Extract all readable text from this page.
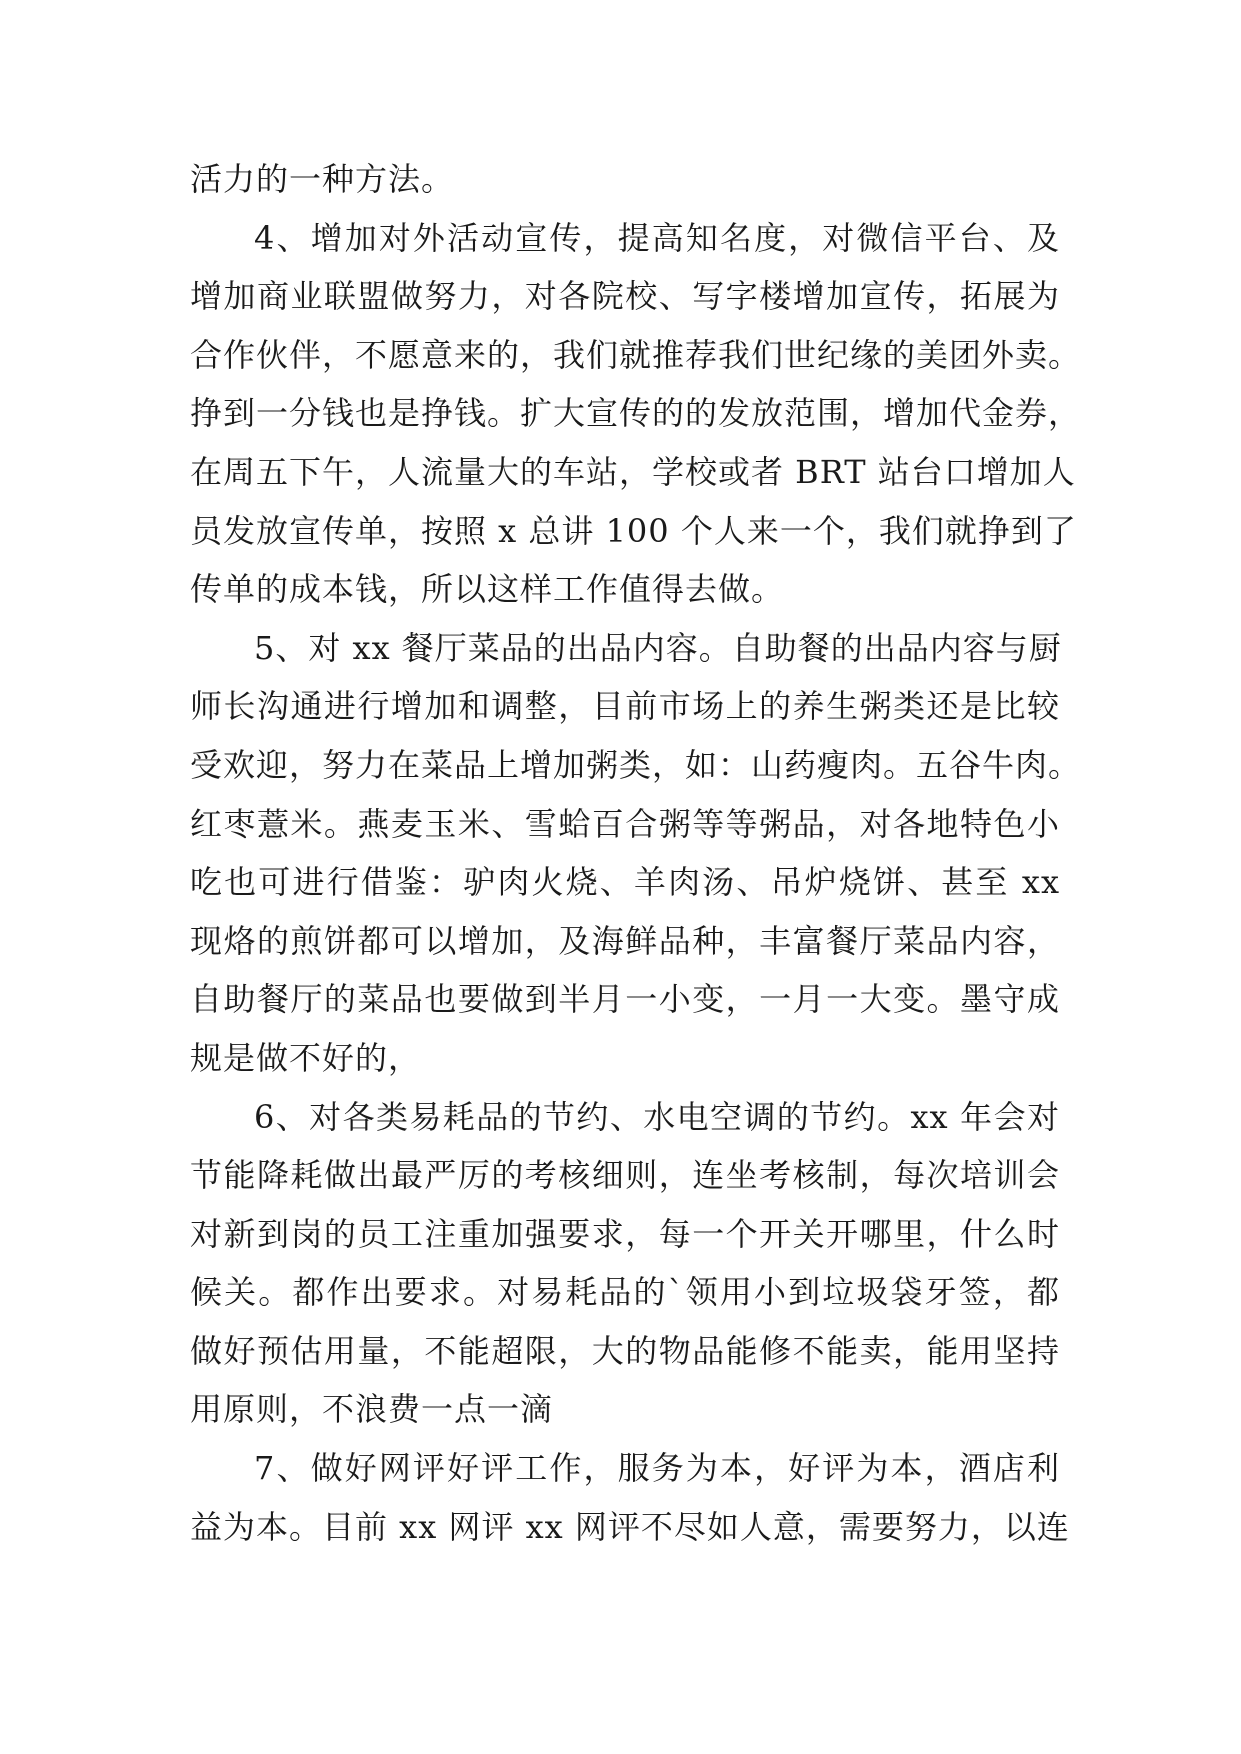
活力的一种方法。

4、增加对外活动宣传，提高知名度，对微信平台、及
增加商业联盟做努力，对各院校、写字楼增加宣传，拓展为
合作伙伴，不愿意来的，我们就推荐我们世纪缘的美团外卖。
挣到一分钱也是挣钱。扩大宣传的的发放范围，增加代金券，
在周五下午，人流量大的车站，学校或者 BRT 站台口增加人
员发放宣传单，按照 x 总讲 100 个人来一个，我们就挣到了
传单的成本钱，所以这样工作值得去做。

5、对 xx 餐厅菜品的出品内容。自助餐的出品内容与厨
师长沟通进行增加和调整，目前市场上的养生粥类还是比较
受欢迎，努力在菜品上增加粥类，如：山药瘦肉。五谷牛肉。
红枣薏米。燕麦玉米、雪蛤百合粥等等粥品，对各地特色小
吃也可进行借鉴：驴肉火烧、羊肉汤、吊炉烧饼、甚至 xx
现烙的煎饼都可以增加，及海鲜品种，丰富餐厅菜品内容，
自助餐厅的菜品也要做到半月一小变，一月一大变。墨守成
规是做不好的，

6、对各类易耗品的节约、水电空调的节约。xx 年会对
节能降耗做出最严厉的考核细则，连坐考核制，每次培训会
对新到岗的员工注重加强要求，每一个开关开哪里，什么时
候关。都作出要求。对易耗品的`领用小到垃圾袋牙签，都
做好预估用量，不能超限，大的物品能修不能卖，能用坚持
用原则，不浪费一点一滴

7、做好网评好评工作，服务为本，好评为本，酒店利
益为本。目前 xx 网评 xx 网评不尽如人意，需要努力，以连
